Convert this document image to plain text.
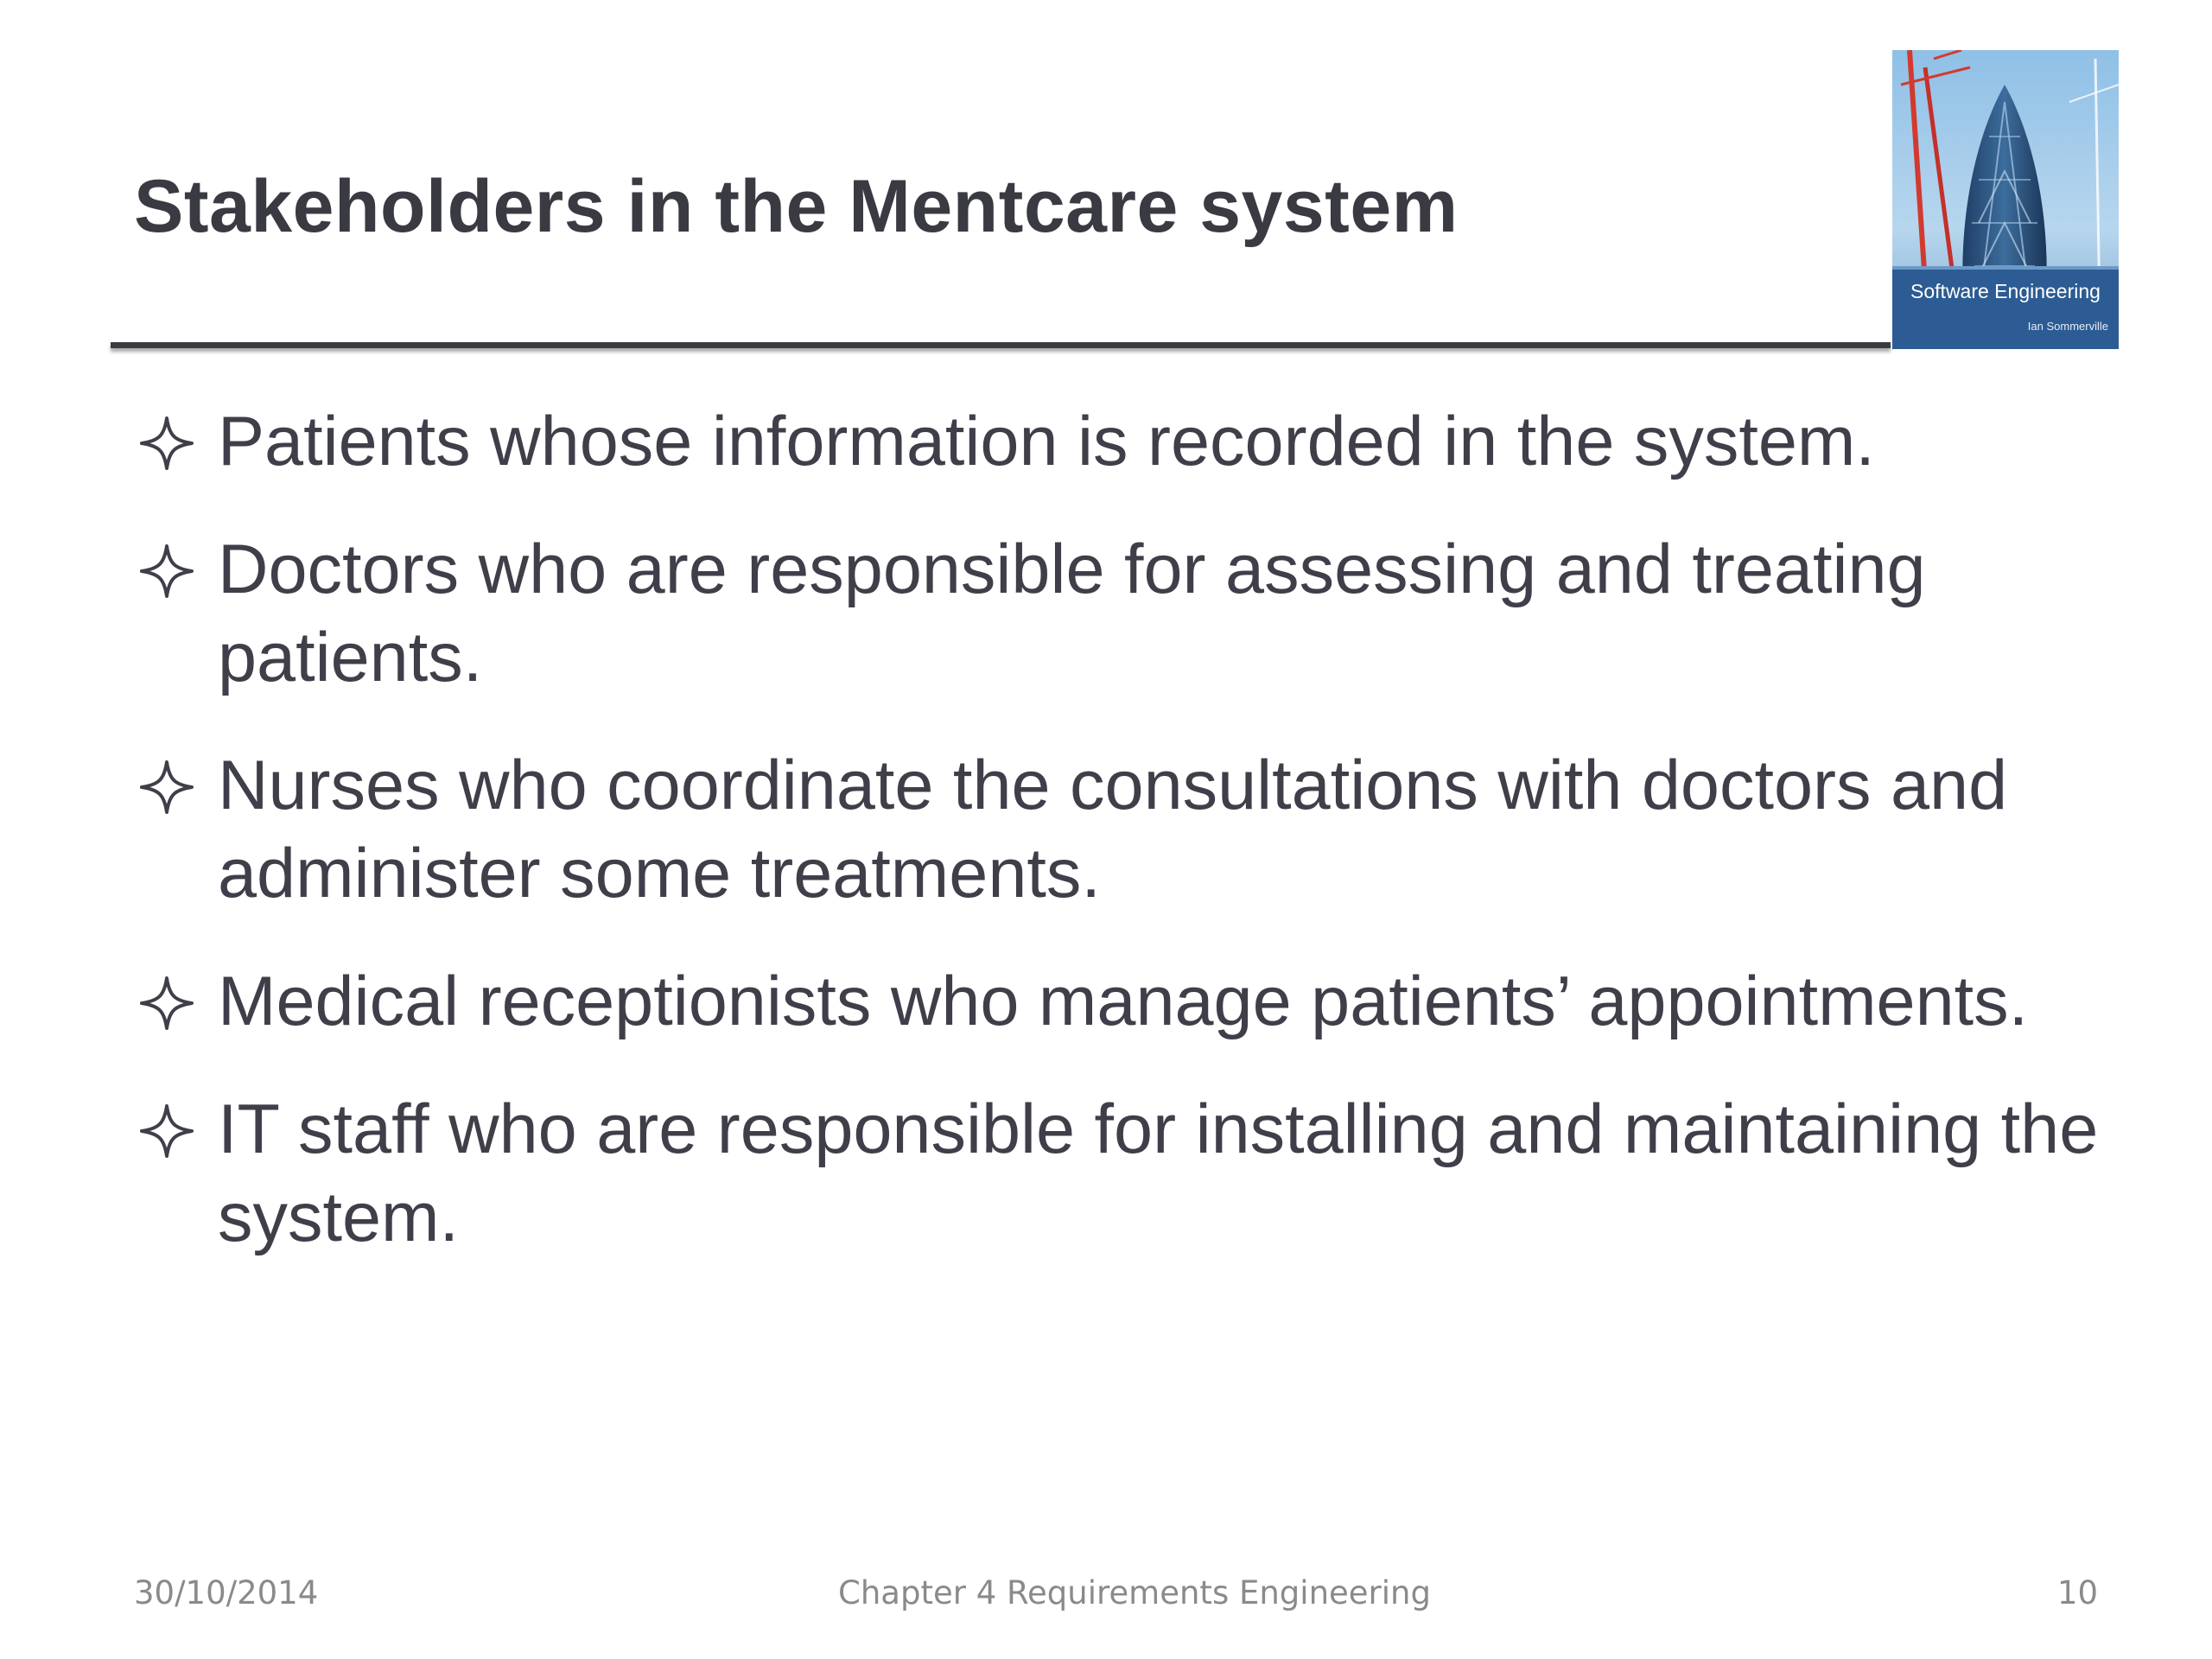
Stakeholders in the Mentcare system
Software Engineering
Ian Sommerville
Patients whose information is recorded in the system.
Doctors who are responsible for assessing and treating patients.
Nurses who coordinate the consultations with doctors and administer some treatments.
Medical receptionists who manage patients’ appointments.
IT staff who are responsible for installing and maintaining the system.
30/10/2014	Chapter 4 Requirements Engineering	10
